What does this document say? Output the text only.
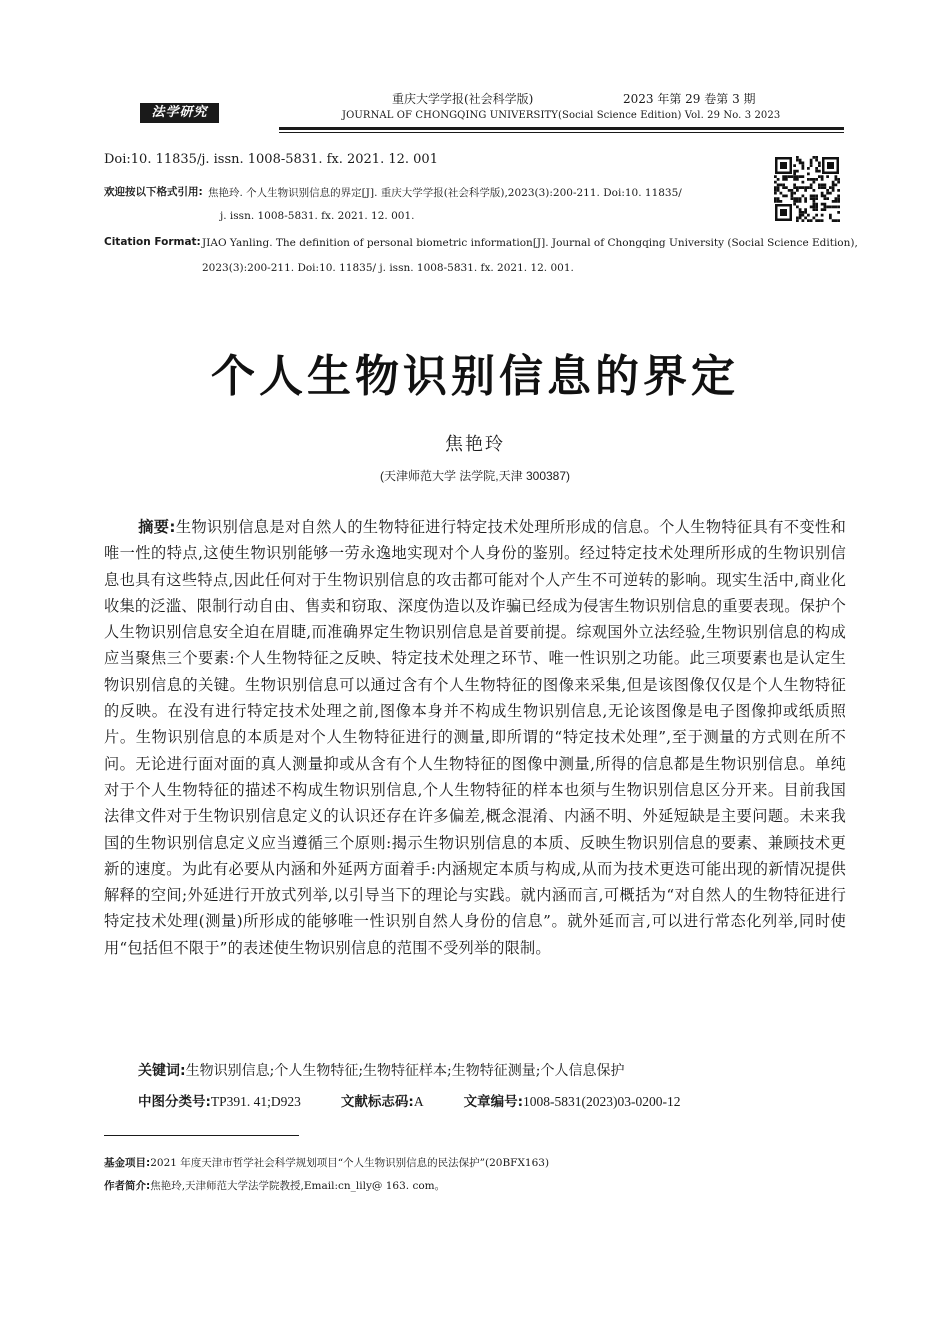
法学研究
重庆大学学报(社会科学版)	2023 年第 29 卷第 3 期
JOURNAL OF CHONGQING UNIVERSITY(Social Science Edition) Vol. 29 No. 3 2023
Doi:10. 11835/j. issn. 1008-5831. fx. 2021. 12. 001
欢迎按以下格式引用: 焦艳玲. 个人生物识别信息的界定[J]. 重庆大学学报(社会科学版),2023(3):200-211. Doi:10. 11835/
j. issn. 1008-5831. fx. 2021. 12. 001.
Citation Format: JIAO Yanling. The definition of personal biometric information[J]. Journal of Chongqing University (Social Science Edition),
2023(3):200-211. Doi:10. 11835/ j. issn. 1008-5831. fx. 2021. 12. 001.
个人生物识别信息的界定
焦艳玲
(天津师范大学 法学院,天津 300387)
摘要:生物识别信息是对自然人的生物特征进行特定技术处理所形成的信息。个人生物特征具有不变性和唯一性的特点,这使生物识别能够一劳永逸地实现对个人身份的鉴别。经过特定技术处理所形成的生物识别信息也具有这些特点,因此任何对于生物识别信息的攻击都可能对个人产生不可逆转的影响。现实生活中,商业化收集的泛滥、限制行动自由、售卖和窃取、深度伪造以及诈骗已经成为侵害生物识别信息的重要表现。保护个人生物识别信息安全迫在眉睫,而准确界定生物识别信息是首要前提。综观国外立法经验,生物识别信息的构成应当聚焦三个要素:个人生物特征之反映、特定技术处理之环节、唯一性识别之功能。此三项要素也是认定生物识别信息的关键。生物识别信息可以通过含有个人生物特征的图像来采集,但是该图像仅仅是个人生物特征的反映。在没有进行特定技术处理之前,图像本身并不构成生物识别信息,无论该图像是电子图像抑或纸质照片。生物识别信息的本质是对个人生物特征进行的测量,即所谓的“特定技术处理”,至于测量的方式则在所不问。无论进行面对面的真人测量抑或从含有个人生物特征的图像中测量,所得的信息都是生物识别信息。单纯对于个人生物特征的描述不构成生物识别信息,个人生物特征的样本也须与生物识别信息区分开来。目前我国法律文件对于生物识别信息定义的认识还存在许多偏差,概念混淆、内涵不明、外延短缺是主要问题。未来我国的生物识别信息定义应当遵循三个原则:揭示生物识别信息的本质、反映生物识别信息的要素、兼顾技术更新的速度。为此有必要从内涵和外延两方面着手:内涵规定本质与构成,从而为技术更迭可能出现的新情况提供解释的空间;外延进行开放式列举,以引导当下的理论与实践。就内涵而言,可概括为“对自然人的生物特征进行特定技术处理(测量)所形成的能够唯一性识别自然人身份的信息”。就外延而言,可以进行常态化列举,同时使用“包括但不限于”的表述使生物识别信息的范围不受列举的限制。
关键词:生物识别信息;个人生物特征;生物特征样本;生物特征测量;个人信息保护
中图分类号:TP391. 41;D923	文献标志码:A	文章编号:1008-5831(2023)03-0200-12
基金项目:2021 年度天津市哲学社会科学规划项目“个人生物识别信息的民法保护”(20BFX163)
作者简介:焦艳玲,天津师范大学法学院教授,Email:cn_lily@ 163. com。
